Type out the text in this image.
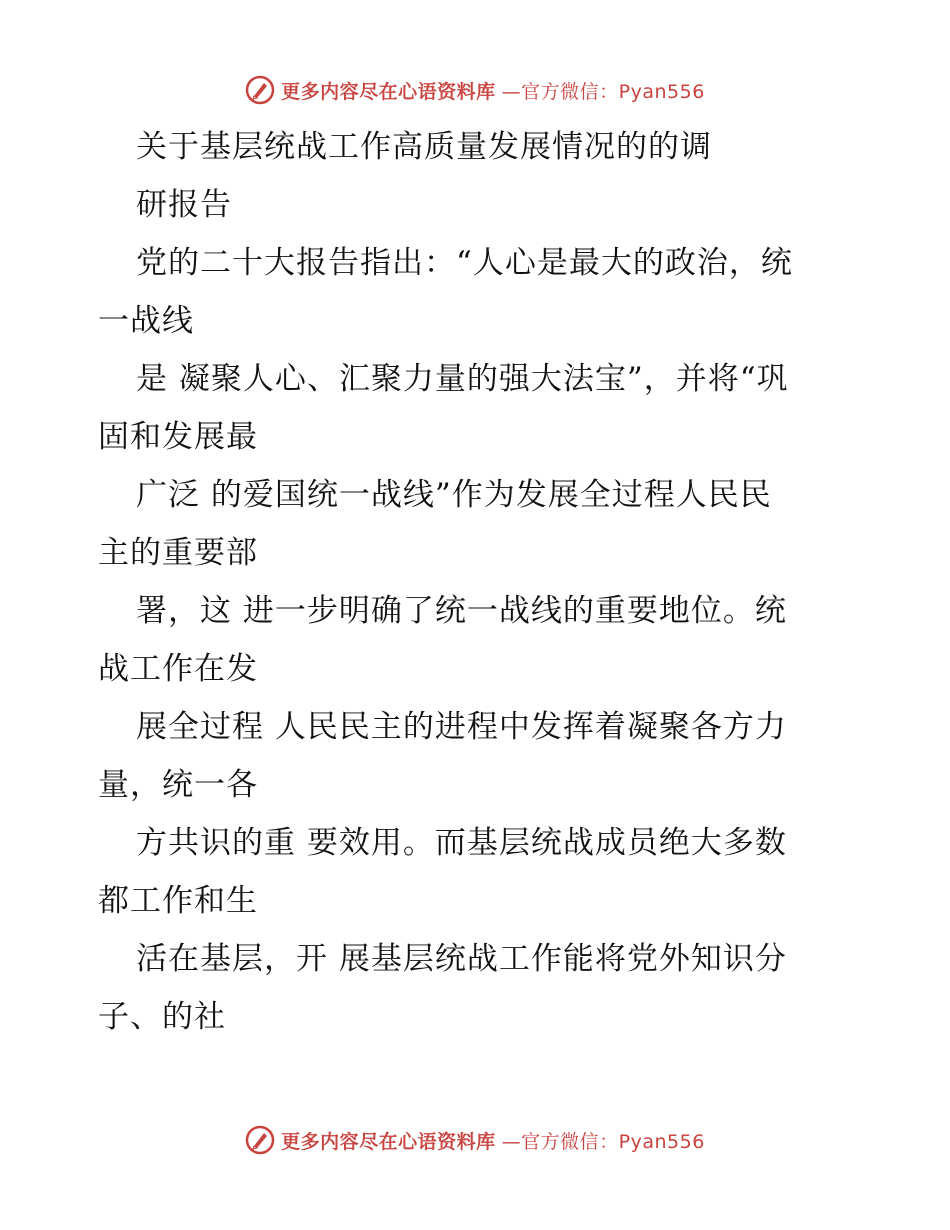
更多内容尽在心语资料库 —官方微信：Pyan556

关于基层统战工作高质量发展情况的的调

研报告

党的二十大报告指出：“人心是最大的政治，统

一战线

是 凝聚人心、汇聚力量的强大法宝”，并将“巩

固和发展最

广泛 的爱国统一战线”作为发展全过程人民民

主的重要部

署，这 进一步明确了统一战线的重要地位。统

战工作在发

展全过程 人民民主的进程中发挥着凝聚各方力

量，统一各

方共识的重 要效用。而基层统战成员绝大多数

都工作和生

活在基层，开 展基层统战工作能将党外知识分

子、的社

更多内容尽在心语资料库 —官方微信：Pyan556
